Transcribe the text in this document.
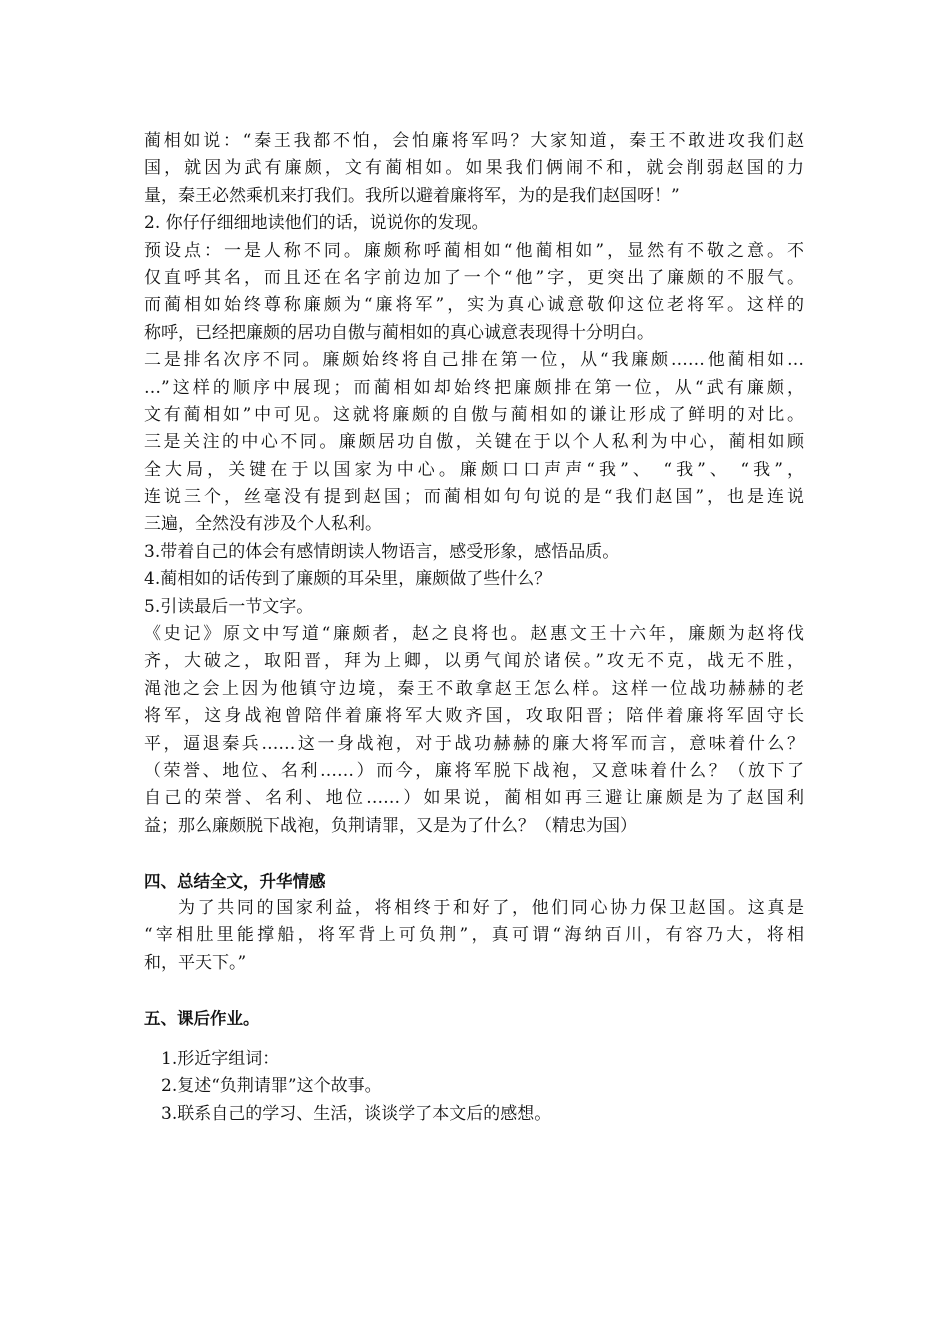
蔺相如说：“秦王我都不怕，会怕廉将军吗？大家知道，秦王不敢进攻我们赵
国，就因为武有廉颇，文有蔺相如。如果我们俩闹不和，就会削弱赵国的力
量，秦王必然乘机来打我们。我所以避着廉将军，为的是我们赵国呀！”
2. 你仔仔细细地读他们的话，说说你的发现。
预设点：一是人称不同。廉颇称呼蔺相如“他蔺相如”，显然有不敬之意。不
仅直呼其名，而且还在名字前边加了一个“他”字，更突出了廉颇的不服气。
而蔺相如始终尊称廉颇为“廉将军”，实为真心诚意敬仰这位老将军。这样的
称呼，已经把廉颇的居功自傲与蔺相如的真心诚意表现得十分明白。
二是排名次序不同。廉颇始终将自己排在第一位，从“我廉颇……他蔺相如…
…”这样的顺序中展现；而蔺相如却始终把廉颇排在第一位，从“武有廉颇，
文有蔺相如”中可见。这就将廉颇的自傲与蔺相如的谦让形成了鲜明的对比。
三是关注的中心不同。廉颇居功自傲，关键在于以个人私利为中心，蔺相如顾
全大局，关键在于以国家为中心。廉颇口口声声“我”、 “我”、 “我”，
连说三个，丝毫没有提到赵国；而蔺相如句句说的是“我们赵国”，也是连说
三遍，全然没有涉及个人私利。
3.带着自己的体会有感情朗读人物语言，感受形象，感悟品质。
4.蔺相如的话传到了廉颇的耳朵里，廉颇做了些什么？
5.引读最后一节文字。
《史记》原文中写道“廉颇者，赵之良将也。赵惠文王十六年，廉颇为赵将伐
齐，大破之，取阳晋，拜为上卿，以勇气闻於诸侯。”攻无不克，战无不胜，
渑池之会上因为他镇守边境，秦王不敢拿赵王怎么样。这样一位战功赫赫的老
将军，这身战袍曾陪伴着廉将军大败齐国，攻取阳晋；陪伴着廉将军固守长
平，逼退秦兵……这一身战袍，对于战功赫赫的廉大将军而言，意味着什么？
（荣誉、地位、名利……）而今，廉将军脱下战袍，又意味着什么？（放下了
自己的荣誉、名利、地位……）如果说，蔺相如再三避让廉颇是为了赵国利
益；那么廉颇脱下战袍，负荆请罪，又是为了什么？（精忠为国）
四、总结全文，升华情感
为了共同的国家利益，将相终于和好了，他们同心协力保卫赵国。这真是
“宰相肚里能撑船，将军背上可负荆”，真可谓“海纳百川，有容乃大，将相
和，平天下。”
五、课后作业。
1.形近字组词：
2.复述“负荆请罪”这个故事。
3.联系自己的学习、生活，谈谈学了本文后的感想。
